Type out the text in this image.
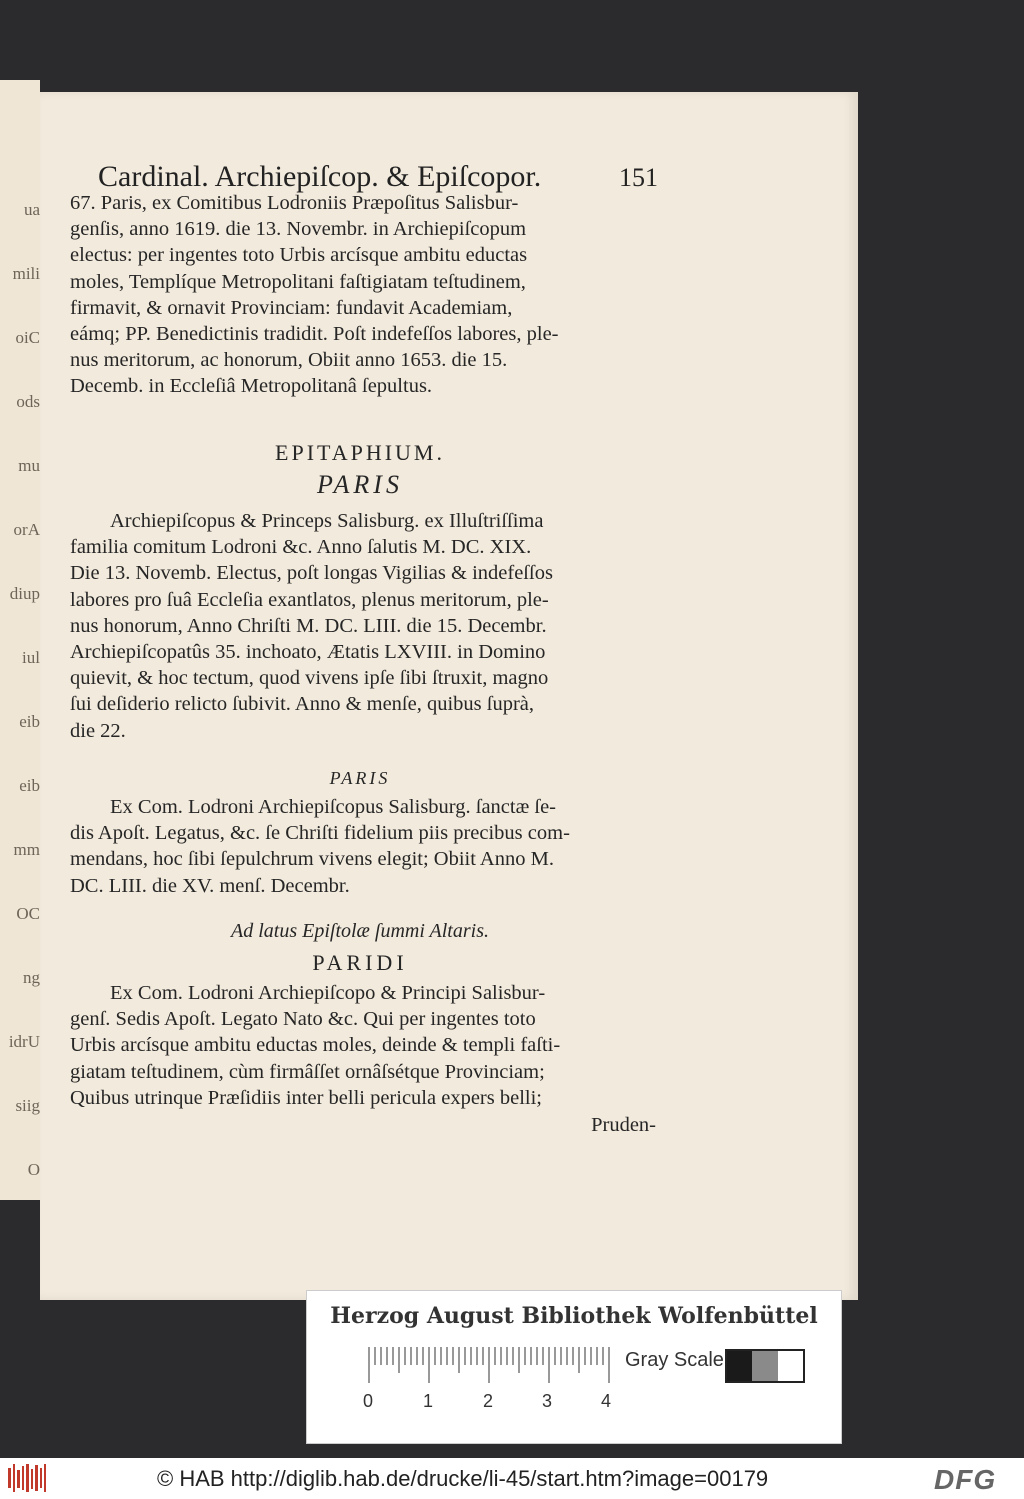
ua
mili
oiC
ods
mu
orA
diup
iul
eib
eib
mm
OC
ng
idrU
siig
O
Cardinal. Archiepiſcop. & Epiſcopor.	151
67. Paris, ex Comitibus Lodroniis Præpoſitus Salisbur-
genſis, anno 1619. die 13. Novembr. in Archiepiſcopum
electus: per ingentes toto Urbis arcísque ambitu eductas
moles, Templíque Metropolitani faſtigiatam teſtudinem,
firmavit, & ornavit Provinciam: fundavit Academiam,
eámq; PP. Benedictinis tradidit. Poſt indefeſſos labores, ple-
nus meritorum, ac honorum, Obiit anno 1653. die 15.
Decemb. in Eccleſiâ Metropolitanâ ſepultus.
EPITAPHIUM.
PARIS
Archiepiſcopus & Princeps Salisburg. ex Illuſtriſſima
familia comitum Lodroni &c. Anno ſalutis M. DC. XIX.
Die 13. Novemb. Electus, poſt longas Vigilias & indefeſſos
labores pro ſuâ Eccleſia exantlatos, plenus meritorum, ple-
nus honorum, Anno Chriſti M. DC. LIII. die 15. Decembr.
Archiepiſcopatûs 35. inchoato, Ætatis LXVIII. in Domino
quievit, & hoc tectum, quod vivens ipſe ſibi ſtruxit, magno
ſui deſiderio relicto ſubivit. Anno & menſe, quibus ſuprà,
die 22.
PARIS
Ex Com. Lodroni Archiepiſcopus Salisburg. ſanctæ ſe-
dis Apoſt. Legatus, &c. ſe Chriſti fidelium piis precibus com-
mendans, hoc ſibi ſepulchrum vivens elegit; Obiit Anno M.
DC. LIII. die XV. menſ. Decembr.
Ad latus Epiſtolæ ſummi Altaris.
PARIDI
Ex Com. Lodroni Archiepiſcopo & Principi Salisbur-
genſ. Sedis Apoſt. Legato Nato &c. Qui per ingentes toto
Urbis arcísque ambitu eductas moles, deinde & templi faſti-
giatam teſtudinem, cùm firmâſſet ornâſsétque Provinciam;
Quibus utrinque Præſidiis inter belli pericula expers belli;
Pruden-
Herzog August Bibliothek Wolfenbüttel
0	1	2	3	4
Gray Scale
© HAB http://diglib.hab.de/drucke/li-45/start.htm?image=00179	DFG
